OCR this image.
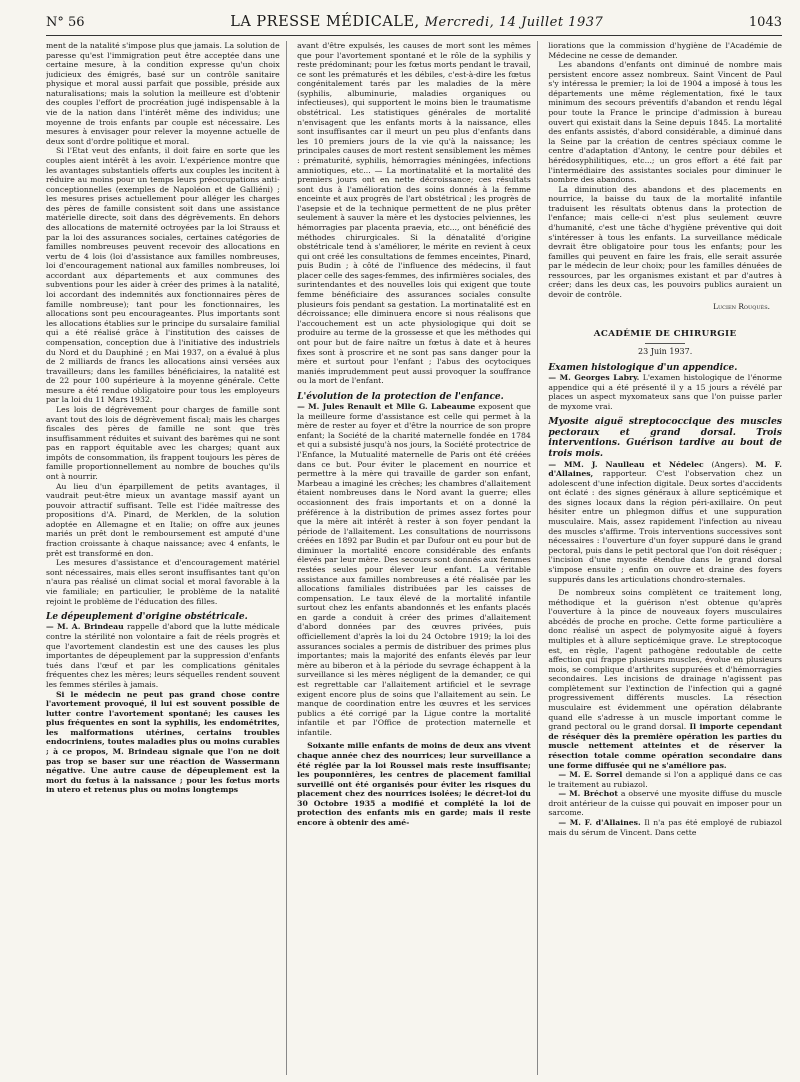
N° 56	LA PRESSE MÉDICALE, Mercredi, 14 Juillet 1937	1043

ment de la natalité s'impose plus que jamais. La solution de paresse qu'est l'immigration peut être acceptée dans une certaine mesure, à la condition expresse qu'un choix judicieux des émigrés, basé sur un contrôle sanitaire physique et moral aussi parfait que possible, préside aux naturalisations; mais la solution la meilleure est d'obtenir des couples l'effort de procréation jugé indispensable à la vie de la nation dans l'intérêt même des individus; une moyenne de trois enfants par couple est nécessaire. Les mesures à envisager pour relever la moyenne actuelle de deux sont d'ordre politique et moral.

Si l'Etat veut des enfants, il doit faire en sorte que les couples aient intérêt à les avoir. L'expérience montre que les avantages substantiels offerts aux couples les incitent à réduire au moins pour un temps leurs préoccupations anti-conceptionnelles (exemples de Napoléon et de Galliéni) ; les mesures prises actuellement pour alléger les charges des pères de famille consistent soit dans une assistance matérielle directe, soit dans des dégrèvements. En dehors des allocations de maternité octroyées par la loi Strauss et par la loi des assurances sociales, certaines catégories de familles nombreuses peuvent recevoir des allocations en vertu de 4 lois (loi d'assistance aux familles nombreuses, loi d'encouragement national aux familles nombreuses, loi accordant aux départements et aux communes des subventions pour les aider à créer des primes à la natalité, loi accordant des indemnités aux fonctionnaires pères de famille nombreuse); tant pour les fonctionnaires, les allocations sont peu encourageantes. Plus importants sont les allocations établies sur le principe du sursalaire familial qui a été réalisé grâce à l'institution des caisses de compensation, conception due à l'initiative des industriels du Nord et du Dauphiné ; en Mai 1937, on a évalué à plus de 2 milliards de francs les allocations ainsi versées aux travailleurs; dans les familles bénéficiaires, la natalité est de 22 pour 100 supérieure à la moyenne générale. Cette mesure a été rendue obligatoire pour tous les employeurs par la loi du 11 Mars 1932.

Les lois de dégrèvement pour charges de famille sont avant tout des lois de dégrèvement fiscal; mais les charges fiscales des pères de famille ne sont que très insuffisamment réduites et suivant des barèmes qui ne sont pas en rapport équitable avec les charges; quant aux impôts de consommation, ils frappent toujours les pères de famille proportionnellement au nombre de bouches qu'ils ont à nourrir.

Au lieu d'un éparpillement de petits avantages, il vaudrait peut-être mieux un avantage massif ayant un pouvoir attractif suffisant. Telle est l'idée maîtresse des propositions d'A. Pinard, de Merklen, de la solution adoptée en Allemagne et en Italie; on offre aux jeunes mariés un prêt dont le remboursement est amputé d'une fraction croissante à chaque naissance; avec 4 enfants, le prêt est transformé en don.

Les mesures d'assistance et d'encouragement matériel sont nécessaires, mais elles seront insuffisantes tant qu'on n'aura pas réalisé un climat social et moral favorable à la vie familiale; en particulier, le problème de la natalité rejoint le problème de l'éducation des filles.

Le dépeuplement d'origine obstétricale.

— M. A. Brindeau rappelle d'abord que la lutte médicale contre la stérilité non volontaire a fait de réels progrès et que l'avortement clandestin est une des causes les plus importantes de dépeuplement par la suppression d'enfants tués dans l'œuf et par les complications génitales fréquentes chez les mères; leurs séquelles rendent souvent les femmes stériles à jamais.

Si le médecin ne peut pas grand chose contre l'avortement provoqué, il lui est souvent possible de lutter contre l'avortement spontané; les causes les plus fréquentes en sont la syphilis, les endométrites, les malformations utérines, certains troubles endocriniens, toutes maladies plus ou moins curables ; à ce propos, M. Brindeau signale que l'on ne doit pas trop se baser sur une réaction de Wassermann négative. Une autre cause de dépeuplement est la mort du fœtus à la naissance ; pour les fœtus morts in utero et retenus plus ou moins longtemps

avant d'être expulsés, les causes de mort sont les mêmes que pour l'avortement spontané et le rôle de la syphilis y reste prédominant; pour les fœtus morts pendant le travail, ce sont les prématurés et les débiles, c'est-à-dire les fœtus congénitalement tarés par les maladies de la mère (syphilis, albuminurie, maladies organiques ou infectieuses), qui supportent le moins bien le traumatisme obstétrical. Les statistiques générales de mortalité n'envisagent que les enfants morts à la naissance, elles sont insuffisantes car il meurt un peu plus d'enfants dans les 10 premiers jours de la vie qu'à la naissance; les principales causes de mort restent sensiblement les mêmes : prématurité, syphilis, hémorragies méningées, infections amniotiques, etc... — La mortinatalité et la mortalité des premiers jours ont en nette décroissance; ces résultats sont dus à l'amélioration des soins donnés à la femme enceinte et aux progrès de l'art obstétrical ; les progrès de l'asepsie et de la technique permettent de ne plus prêter seulement à sauver la mère et les dystocies pelviennes, les hémorragies par placenta praevia, etc..., ont bénéficié des méthodes chirurgicales. Si la dénatalité d'origine obstétricale tend à s'améliorer, le mérite en revient à ceux qui ont créé les consultations de femmes enceintes, Pinard, puis Budin ; à côté de l'influence des médecins, il faut placer celle des sages-femmes, des infirmières sociales, des surintendantes et des nouvelles lois qui exigent que toute femme bénéficiaire des assurances sociales consulte plusieurs fois pendant sa gestation. La mortinatalité est en décroissance; elle diminuera encore si nous réalisons que l'accouchement est un acte physiologique qui doit se produire au terme de la grossesse et que les méthodes qui ont pour but de faire naître un fœtus à date et à heures fixes sont à proscrire et ne sont pas sans danger pour la mère et surtout pour l'enfant ; l'abus des ocytociques maniés imprudemment peut aussi provoquer la souffrance ou la mort de l'enfant.

L'évolution de la protection de l'enfance.

— M. Jules Renault et Mlle G. Labeaume exposent que la meilleure forme d'assistance est celle qui permet à la mère de rester au foyer et d'être la nourrice de son propre enfant; la Société de la charité maternelle fondée en 1784 et qui a subsisté jusqu'à nos jours, la Société protectrice de l'Enfance, la Mutualité maternelle de Paris ont été créées dans ce but. Pour éviter le placement en nourrice et permettre à la mère qui travaille de garder son enfant, Marbeau a imaginé les crèches; les chambres d'allaitement étaient nombreuses dans le Nord avant la guerre; elles occasionnent des frais importants et on a donné la préférence à la distribution de primes assez fortes pour que la mère ait intérêt à rester à son foyer pendant la période de l'allaitement. Les consultations de nourrissons créées en 1892 par Budin et par Dufour ont eu pour but de diminuer la mortalité encore considérable des enfants élevés par leur mère. Des secours sont donnés aux femmes restées seules pour élever leur enfant. La véritable assistance aux familles nombreuses a été réalisée par les allocations familiales distribuées par les caisses de compensation. Le taux élevé de la mortalité infantile surtout chez les enfants abandonnés et les enfants placés en garde a conduit à créer des primes d'allaitement d'abord données par des œuvres privées, puis officiellement d'après la loi du 24 Octobre 1919; la loi des assurances sociales a permis de distribuer des primes plus importantes; mais la majorité des enfants élevés par leur mère au biberon et à la période du sevrage échappent à la surveillance si les mères négligent de la demander, ce qui est regrettable car l'allaitement artificiel et le sevrage exigent encore plus de soins que l'allaitement au sein. Le manque de coordination entre les œuvres et les services publics a été corrigé par la Ligue contre la mortalité infantile et par l'Office de protection maternelle et infantile.

Soixante mille enfants de moins de deux ans vivent chaque année chez des nourrices; leur surveillance a été réglée par la loi Roussel mais reste insuffisante; les pouponnières, les centres de placement familial surveillé ont été organisés pour éviter les risques du placement chez des nourrices isolées; le décret-loi du 30 Octobre 1935 a modifié et complété la loi de protection des enfants mis en garde; mais il reste encore à obtenir des amé-

liorations que la commission d'hygiène de l'Académie de Médecine ne cesse de demander.

Les abandons d'enfants ont diminué de nombre mais persistent encore assez nombreux. Saint Vincent de Paul s'y intéressa le premier; la loi de 1904 a imposé à tous les départements une même réglementation, fixé le taux minimum des secours préventifs d'abandon et rendu légal pour toute la France le principe d'admission à bureau ouvert qui existait dans la Seine depuis 1845. La mortalité des enfants assistés, d'abord considérable, a diminué dans la Seine par la création de centres spéciaux comme le centre d'adaptation d'Antony, le centre pour débiles et hérédosyphilitiques, etc...; un gros effort a été fait par l'intermédiaire des assistantes sociales pour diminuer le nombre des abandons.

La diminution des abandons et des placements en nourrice, la baisse du taux de la mortalité infantile traduisent les résultats obtenus dans la protection de l'enfance; mais celle-ci n'est plus seulement œuvre d'humanité, c'est une tâche d'hygiène préventive qui doit s'intéresser à tous les enfants. La surveillance médicale devrait être obligatoire pour tous les enfants; pour les familles qui peuvent en faire les frais, elle serait assurée par le médecin de leur choix; pour les familles dénuées de ressources, par les organismes existant et par d'autres à créer; dans les deux cas, les pouvoirs publics auraient un devoir de contrôle.

Lucien Rouquès.
ACADÉMIE DE CHIRURGIE
23 Juin 1937.
Examen histologique d'un appendice.

— M. Georges Labry. L'examen histologique de l'énorme appendice qui a été présenté il y a 15 jours a révélé par places un aspect myxomateux sans que l'on puisse parler de myxome vrai.

Myosite aiguë streptococcique des muscles pectoraux et grand dorsal. Trois interventions. Guérison tardive au bout de trois mois.

— MM. J. Naulleau et Nédelec (Angers). M. F. d'Allaines, rapporteur. C'est l'observation chez un adolescent d'une infection digitale. Deux sortes d'accidents ont éclaté : des signes généraux à allure septicémique et des signes locaux dans la région péri-axillaire. On peut hésiter entre un phlegmon diffus et une suppuration musculaire. Mais, assez rapidement l'infection au niveau des muscles s'affirme. Trois interventions successives sont nécessaires : l'ouverture d'un foyer suppuré dans le grand pectoral, puis dans le petit pectoral que l'on doit réséquer ; l'incision d'une myosite étendue dans le grand dorsal s'impose ensuite ; enfin on ouvre et draine des foyers suppurés dans les articulations chondro-sternales.

De nombreux soins complètent ce traitement long, méthodique et la guérison n'est obtenue qu'après l'ouverture à la pince de nouveaux foyers musculaires abcédés de proche en proche. Cette forme particulière a donc réalisé un aspect de polymyosite aiguë à foyers multiples et à allure septicémique grave. Le streptocoque est, en règle, l'agent pathogène redoutable de cette affection qui frappe plusieurs muscles, évolue en plusieurs mois, se complique d'arthrites suppurées et d'hémorragies secondaires. Les incisions de drainage n'agissent pas complètement sur l'extinction de l'infection qui a gagné progressivement différents muscles. La résection musculaire est évidemment une opération délabrante quand elle s'adresse à un muscle important comme le grand pectoral ou le grand dorsal. Il importe cependant de réséquer dès la première opération les parties du muscle nettement atteintes et de réserver la résection totale comme opération secondaire dans une forme diffusée qui ne s'améliore pas.

— M. E. Sorrel demande si l'on a appliqué dans ce cas le traitement au rubiazol.

— M. Bréchot a observé une myosite diffuse du muscle droit antérieur de la cuisse qui pouvait en imposer pour un sarcome.

— M. F. d'Allaines. Il n'a pas été employé de rubiazol mais du sérum de Vincent. Dans cette
